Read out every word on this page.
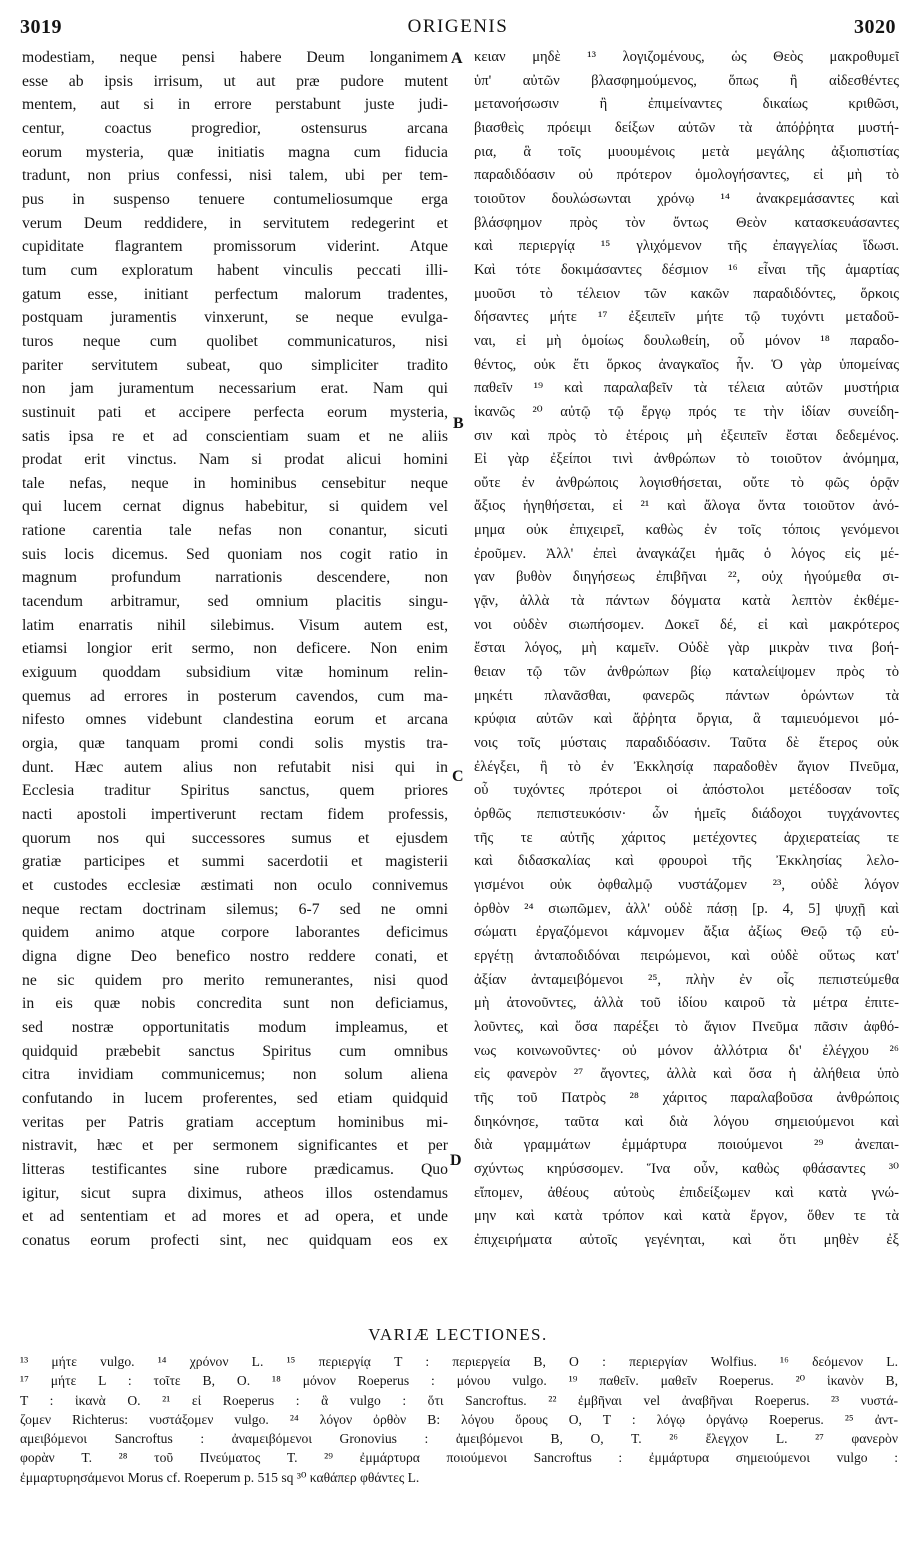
3019	ORIGENIS	3020
modestiam, neque pensi habere Deum longanimem
esse ab ipsis irrisum, ut aut præ pudore mutent
mentem, aut si in errore perstabunt juste judi-
centur, coactus progredior, ostensurus arcana
eorum mysteria, quæ initiatis magna cum fiducia
tradunt, non prius confessi, nisi talem, ubi per tem-
pus in suspenso tenuere contumeliosumque erga
verum Deum reddidere, in servitutem redegerint et
cupiditate flagrantem promissorum viderint. Atque
tum cum exploratum habent vinculis peccati illi-
gatum esse, initiant perfectum malorum tradentes,
postquam juramentis vinxerunt, se neque evulga-
turos neque cum quolibet communicaturos, nisi
pariter servitutem subeat, quo simpliciter tradito
non jam juramentum necessarium erat. Nam qui
sustinuit pati et accipere perfecta eorum mysteria,
satis ipsa re et ad conscientiam suam et ne aliis
prodat erit vinctus. Nam si prodat alicui homini
tale nefas, neque in hominibus censebitur neque
qui lucem cernat dignus habebitur, si quidem vel
ratione carentia tale nefas non conantur, sicuti
suis locis dicemus. Sed quoniam nos cogit ratio in
magnum profundum narrationis descendere, non
tacendum arbitramur, sed omnium placitis singu-
latim enarratis nihil silebimus. Visum autem est,
etiamsi longior erit sermo, non deficere. Non enim
exiguum quoddam subsidium vitæ hominum relin-
quemus ad errores in posterum cavendos, cum ma-
nifesto omnes videbunt clandestina eorum et arcana
orgia, quæ tanquam promi condi solis mystis tra-
dunt. Hæc autem alius non refutabit nisi qui in
Ecclesia traditur Spiritus sanctus, quem priores
nacti apostoli impertiverunt rectam fidem professis,
quorum nos qui successores sumus et ejusdem
gratiæ participes et summi sacerdotii et magisterii
et custodes ecclesiæ æstimati non oculo connivemus
neque rectam doctrinam silemus; 6-7 sed ne omni
quidem animo atque corpore laborantes deficimus
digna digne Deo benefico nostro reddere conati, et
ne sic quidem pro merito remunerantes, nisi quod
in eis quæ nobis concredita sunt non deficiamus,
sed nostræ opportunitatis modum impleamus, et
quidquid præbebit sanctus Spiritus cum omnibus
citra invidiam communicemus; non solum aliena
confutando in lucem proferentes, sed etiam quidquid
veritas per Patris gratiam acceptum hominibus mi-
nistravit, hæc et per sermonem significantes et per
litteras testificantes sine rubore prædicamus. Quo
igitur, sicut supra diximus, atheos illos ostendamus
et ad sententiam et ad mores et ad opera, et unde
conatus eorum profecti sint, nec quidquam eos ex
κειαν μηδὲ ¹³ λογιζομένους, ὡς Θεὸς μακροθυμεῖ
ὑπ' αὐτῶν βλασφημούμενος, ὅπως ἢ αἰδεσθέντες
μετανοήσωσιν ἢ ἐπιμείναντες δικαίως κριθῶσι,
βιασθεὶς πρόειμι δείξων αὐτῶν τὰ ἀπόῤῥητα μυστή-
ρια, ἃ τοῖς μυουμένοις μετὰ μεγάλης ἀξιοπιστίας
παραδιδόασιν οὐ πρότερον ὁμολογήσαντες, εἰ μὴ τὸ
τοιοῦτον δουλώσωνται χρόνῳ ¹⁴ ἀνακρεμάσαντες καὶ
βλάσφημον πρὸς τὸν ὄντως Θεὸν κατασκευάσαντες
καὶ περιεργίᾳ ¹⁵ γλιχόμενον τῆς ἐπαγγελίας ἴδωσι.
Καὶ τότε δοκιμάσαντες δέσμιον ¹⁶ εἶναι τῆς ἁμαρτίας
μυοῦσι τὸ τέλειον τῶν κακῶν παραδιδόντες, ὅρκοις
δήσαντες μήτε ¹⁷ ἐξειπεῖν μήτε τῷ τυχόντι μεταδοῦ-
ναι, εἰ μὴ ὁμοίως δουλωθείη, οὗ μόνον ¹⁸ παραδο-
θέντος, οὐκ ἔτι ὅρκος ἀναγκαῖος ἦν. Ὁ γὰρ ὑπομείνας
παθεῖν ¹⁹ καὶ παραλαβεῖν τὰ τέλεια αὐτῶν μυστήρια
ἱκανῶς ²⁰ αὐτῷ τῷ ἔργῳ πρός τε τὴν ἰδίαν συνείδη-
σιν καὶ πρὸς τὸ ἑτέροις μὴ ἐξειπεῖν ἔσται δεδεμένος.
Εἰ γὰρ ἐξείποι τινὶ ἀνθρώπων τὸ τοιοῦτον ἀνόμημα,
οὔτε ἐν ἀνθρώποις λογισθήσεται, οὔτε τὸ φῶς ὁρᾷν
ἄξιος ἡγηθήσεται, εἰ ²¹ καὶ ἄλογα ὄντα τοιοῦτον ἀνό-
μημα οὐκ ἐπιχειρεῖ, καθὼς ἐν τοῖς τόποις γενόμενοι
ἐροῦμεν. Ἀλλ' ἐπεὶ ἀναγκάζει ἡμᾶς ὁ λόγος εἰς μέ-
γαν βυθὸν διηγήσεως ἐπιβῆναι ²², οὐχ ἡγούμεθα σι-
γᾷν, ἀλλὰ τὰ πάντων δόγματα κατὰ λεπτὸν ἐκθέμε-
νοι οὐδὲν σιωπήσομεν. Δοκεῖ δέ, εἰ καὶ μακρότερος
ἔσται λόγος, μὴ καμεῖν. Οὐδὲ γὰρ μικρὰν τινα βοή-
θειαν τῷ τῶν ἀνθρώπων βίῳ καταλείψομεν πρὸς τὸ
μηκέτι πλανᾶσθαι, φανερῶς πάντων ὁρώντων τὰ
κρύφια αὐτῶν καὶ ἄῤῥητα ὄργια, ἃ ταμιευόμενοι μό-
νοις τοῖς μύσταις παραδιδόασιν. Ταῦτα δὲ ἕτερος οὐκ
ἐλέγξει, ἢ τὸ ἐν Ἐκκλησίᾳ παραδοθὲν ἅγιον Πνεῦμα,
οὗ τυχόντες πρότεροι οἱ ἀπόστολοι μετέδοσαν τοῖς
ὀρθῶς πεπιστευκόσιν· ὧν ἡμεῖς διάδοχοι τυγχάνοντες
τῆς τε αὐτῆς χάριτος μετέχοντες ἀρχιερατείας τε
καὶ διδασκαλίας καὶ φρουροὶ τῆς Ἐκκλησίας λελο-
γισμένοι οὐκ ὀφθαλμῷ νυστάζομεν ²³, οὐδὲ λόγον
ὀρθὸν ²⁴ σιωπῶμεν, ἀλλ' οὐδὲ πάσῃ [p. 4, 5] ψυχῇ καὶ
σώματι ἐργαζόμενοι κάμνομεν ἄξια ἀξίως Θεῷ τῷ εὐ-
εργέτῃ ἀνταποδιδόναι πειρώμενοι, καὶ οὐδὲ οὕτως κατ'
ἀξίαν ἀνταμειβόμενοι ²⁵, πλὴν ἐν οἷς πεπιστεύμεθα
μὴ ἀτονοῦντες, ἀλλὰ τοῦ ἰδίου καιροῦ τὰ μέτρα ἐπιτε-
λοῦντες, καὶ ὅσα παρέξει τὸ ἅγιον Πνεῦμα πᾶσιν ἀφθό-
νως κοινωνοῦντες· οὐ μόνον ἀλλότρια δι' ἐλέγχου ²⁶
εἰς φανερὸν ²⁷ ἄγοντες, ἀλλὰ καὶ ὅσα ἡ ἀλήθεια ὑπὸ
τῆς τοῦ Πατρὸς ²⁸ χάριτος παραλαβοῦσα ἀνθρώποις
διηκόνησε, ταῦτα καὶ διὰ λόγου σημειούμενοι καὶ
διὰ γραμμάτων ἐμμάρτυρα ποιούμενοι ²⁹ ἀνεπαι-
σχύντως κηρύσσομεν. Ἵνα οὖν, καθὼς φθάσαντες ³⁰
εἴπομεν, ἀθέους αὐτοὺς ἐπιδείξωμεν καὶ κατὰ γνώ-
μην καὶ κατὰ τρόπον καὶ κατὰ ἔργον, ὅθεν τε τὰ
ἐπιχειρήματα αὐτοῖς γεγένηται, καὶ ὅτι μηθὲν ἐξ
A
B
C
D
VARIÆ LECTIONES.
¹³ μήτε vulgo. ¹⁴ χρόνον L. ¹⁵ περιεργίᾳ T : περιεργεία B, O : περιεργίαν Wolfius. ¹⁶ δεόμενον L.
¹⁷ μήτε L : τοῖτε B, O. ¹⁸ μόνον Roeperus : μόνου vulgo. ¹⁹ παθεῖν. μαθεῖν Roeperus. ²⁰ ἱκανὸν B,
T : ἱκανὰ O. ²¹ εἰ Roeperus : ἃ vulgo : ὅτι Sancroftus. ²² ἐμβῆναι vel ἀναβῆναι Roeperus. ²³ νυστά-
ζομεν Richterus: νυστάξομεν vulgo. ²⁴ λόγον ὀρθὸν B: λόγου ὅρους O, T : λόγῳ ὀργάνῳ Roeperus. ²⁵ ἀντ-
αμειβόμενοι Sancroftus : ἀναμειβόμενοι Gronovius : ἀμειβόμενοι B, O, T. ²⁶ ἔλεγχον L. ²⁷ φανερὸν
φορὰν T. ²⁸ τοῦ Πνεύματος T. ²⁹ ἐμμάρτυρα ποιούμενοι Sancroftus : ἐμμάρτυρα σημειούμενοι vulgo :
ἐμμαρτυρησάμενοι Morus cf. Roeperum p. 515 sq ³⁰ καθάπερ φθάντες L.
